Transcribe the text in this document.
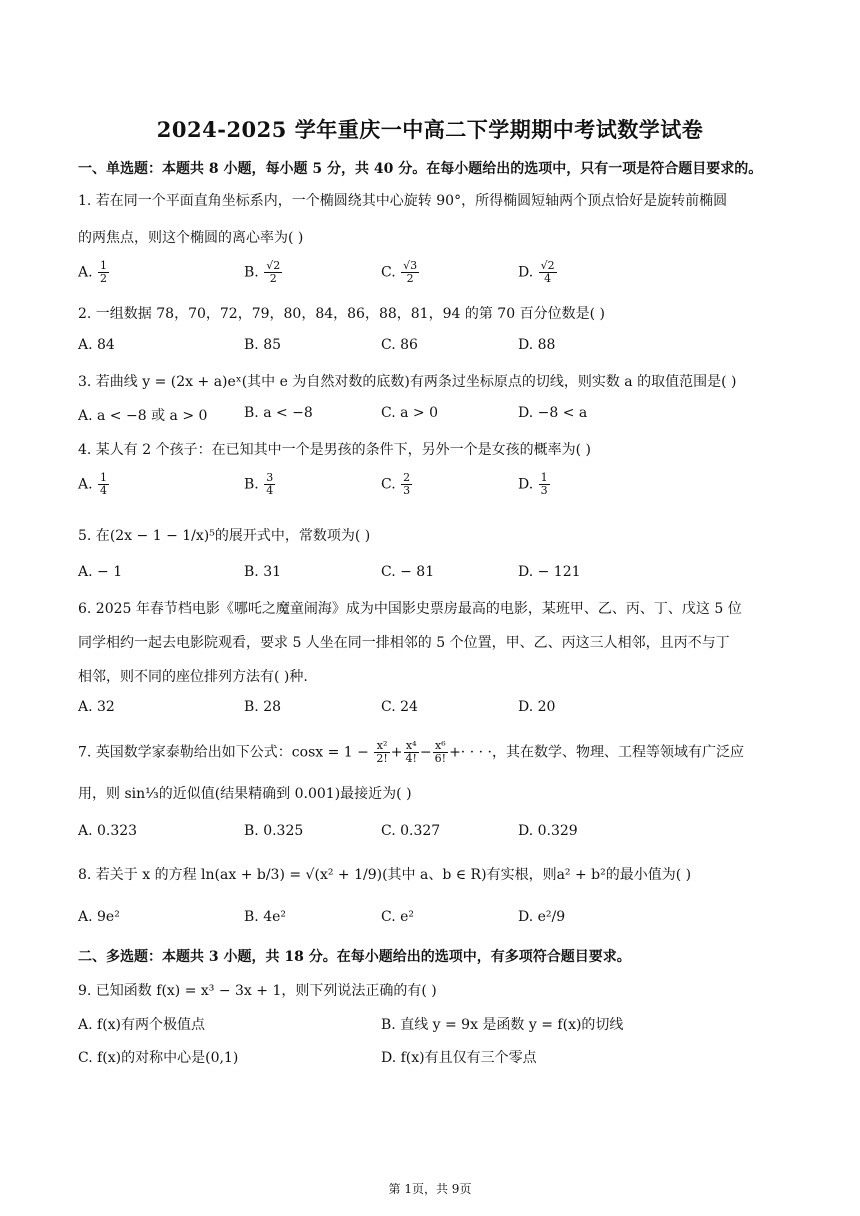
2024-2025 学年重庆一中高二下学期期中考试数学试卷
一、单选题：本题共 8 小题，每小题 5 分，共 40 分。在每小题给出的选项中，只有一项是符合题目要求的。
1. 若在同一个平面直角坐标系内，一个椭圆绕其中心旋转 90°，所得椭圆短轴两个顶点恰好是旋转前椭圆
的两焦点，则这个椭圆的离心率为( )
A. $\frac{1}{2}$	B. $\frac{√2}{2}$	C. $\frac{√3}{2}$	D. $\frac{√2}{4}$
2. 一组数据 78，70，72，79，80，84，86，88，81，94 的第 70 百分位数是( )
A. 84	B. 85	C. 86	D. 88
3. 若曲线 y = (2x + a)eˣ(其中 e 为自然对数的底数)有两条过坐标原点的切线，则实数 a 的取值范围是( )
A. a < −8 或 a > 0	B. a < −8	C. a > 0	D. −8 < a
4. 某人有 2 个孩子：在已知其中一个是男孩的条件下，另外一个是女孩的概率为( )
A. $\frac{1}{4}$	B. $\frac{3}{4}$	C. $\frac{2}{3}$	D. $\frac{1}{3}$
5. 在(2x − 1 − 1/x)⁵的展开式中，常数项为( )
A. − 1	B. 31	C. − 81	D. − 121
6. 2025 年春节档电影《哪吒之魔童闹海》成为中国影史票房最高的电影，某班甲、乙、丙、丁、戊这 5 位
同学相约一起去电影院观看，要求 5 人坐在同一排相邻的 5 个位置，甲、乙、丙这三人相邻，且丙不与丁
相邻，则不同的座位排列方法有( )种.
A. 32	B. 28	C. 24	D. 20
7. 英国数学家泰勒给出如下公式：$\cos x = 1 - \frac{\text{x²}}{2!} + \frac{\text{x⁴}}{4!} - \frac{\text{x⁶}}{6!}$ +· · · ·，其在数学、物理、工程等领域有广泛应
用，则 sin⅓的近似值(结果精确到 0.001)最接近为( )
A. 0.323	B. 0.325	C. 0.327	D. 0.329
8. 若关于 x 的方程 ln(ax + b/3) = √(x² + 1/9)(其中 a、b ∈ R)有实根，则a² + b²的最小值为( )
A. 9e²	B. 4e²	C. e²	D. e²/9
二、多选题：本题共 3 小题，共 18 分。在每小题给出的选项中，有多项符合题目要求。
9. 已知函数 f(x) = x³ − 3x + 1，则下列说法正确的有( )
A. f(x)有两个极值点	B. 直线 y = 9x 是函数 y = f(x)的切线
C. f(x)的对称中心是(0,1)	D. f(x)有且仅有三个零点
第 1页，共 9页
